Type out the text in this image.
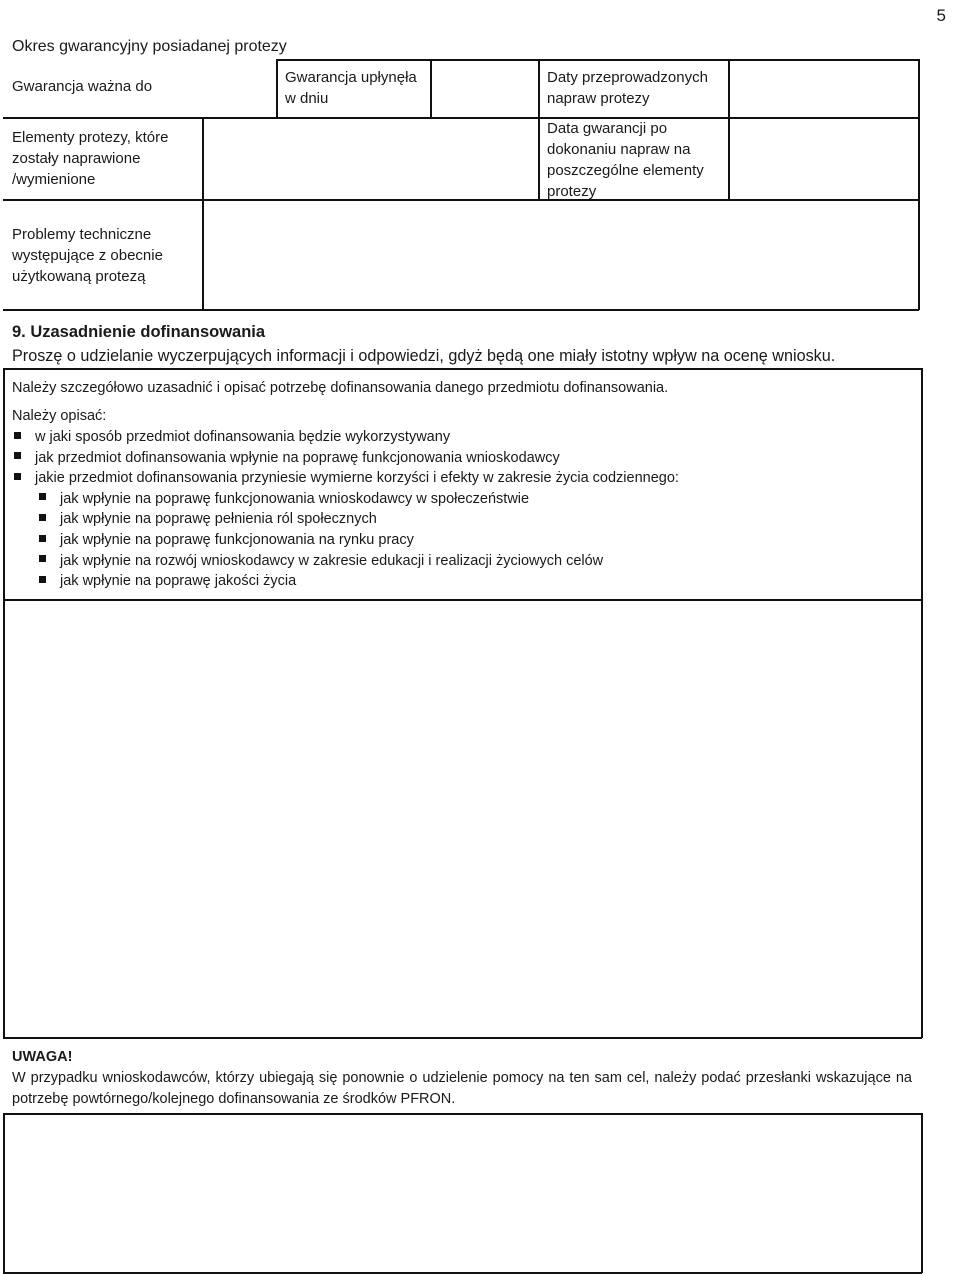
5
Okres gwarancyjny posiadanej protezy
Gwarancja ważna do
Gwarancja upłynęła w dniu
Daty przeprowadzonych napraw protezy
Elementy protezy, które zostały naprawione /wymienione
Data gwarancji po dokonaniu napraw na poszczególne elementy protezy
Problemy techniczne występujące z obecnie użytkowaną protezą
9. Uzasadnienie dofinansowania
Proszę o udzielanie wyczerpujących informacji i odpowiedzi, gdyż będą one miały istotny wpływ na ocenę wniosku.
Należy szczegółowo uzasadnić i opisać potrzebę dofinansowania danego przedmiotu dofinansowania.
Należy opisać:
w jaki sposób przedmiot dofinansowania będzie wykorzystywany
jak przedmiot dofinansowania wpłynie na poprawę funkcjonowania wnioskodawcy
jakie przedmiot dofinansowania przyniesie wymierne korzyści i efekty w zakresie życia codziennego:
jak wpłynie na poprawę funkcjonowania wnioskodawcy w społeczeństwie
jak wpłynie na poprawę pełnienia ról społecznych
jak wpłynie na poprawę funkcjonowania na rynku pracy
jak wpłynie na rozwój wnioskodawcy w zakresie edukacji i realizacji życiowych celów
jak wpłynie na poprawę jakości życia
UWAGA!
W przypadku wnioskodawców, którzy ubiegają się ponownie o udzielenie pomocy na ten sam cel, należy podać przesłanki wskazujące na potrzebę powtórnego/kolejnego dofinansowania ze środków PFRON.
